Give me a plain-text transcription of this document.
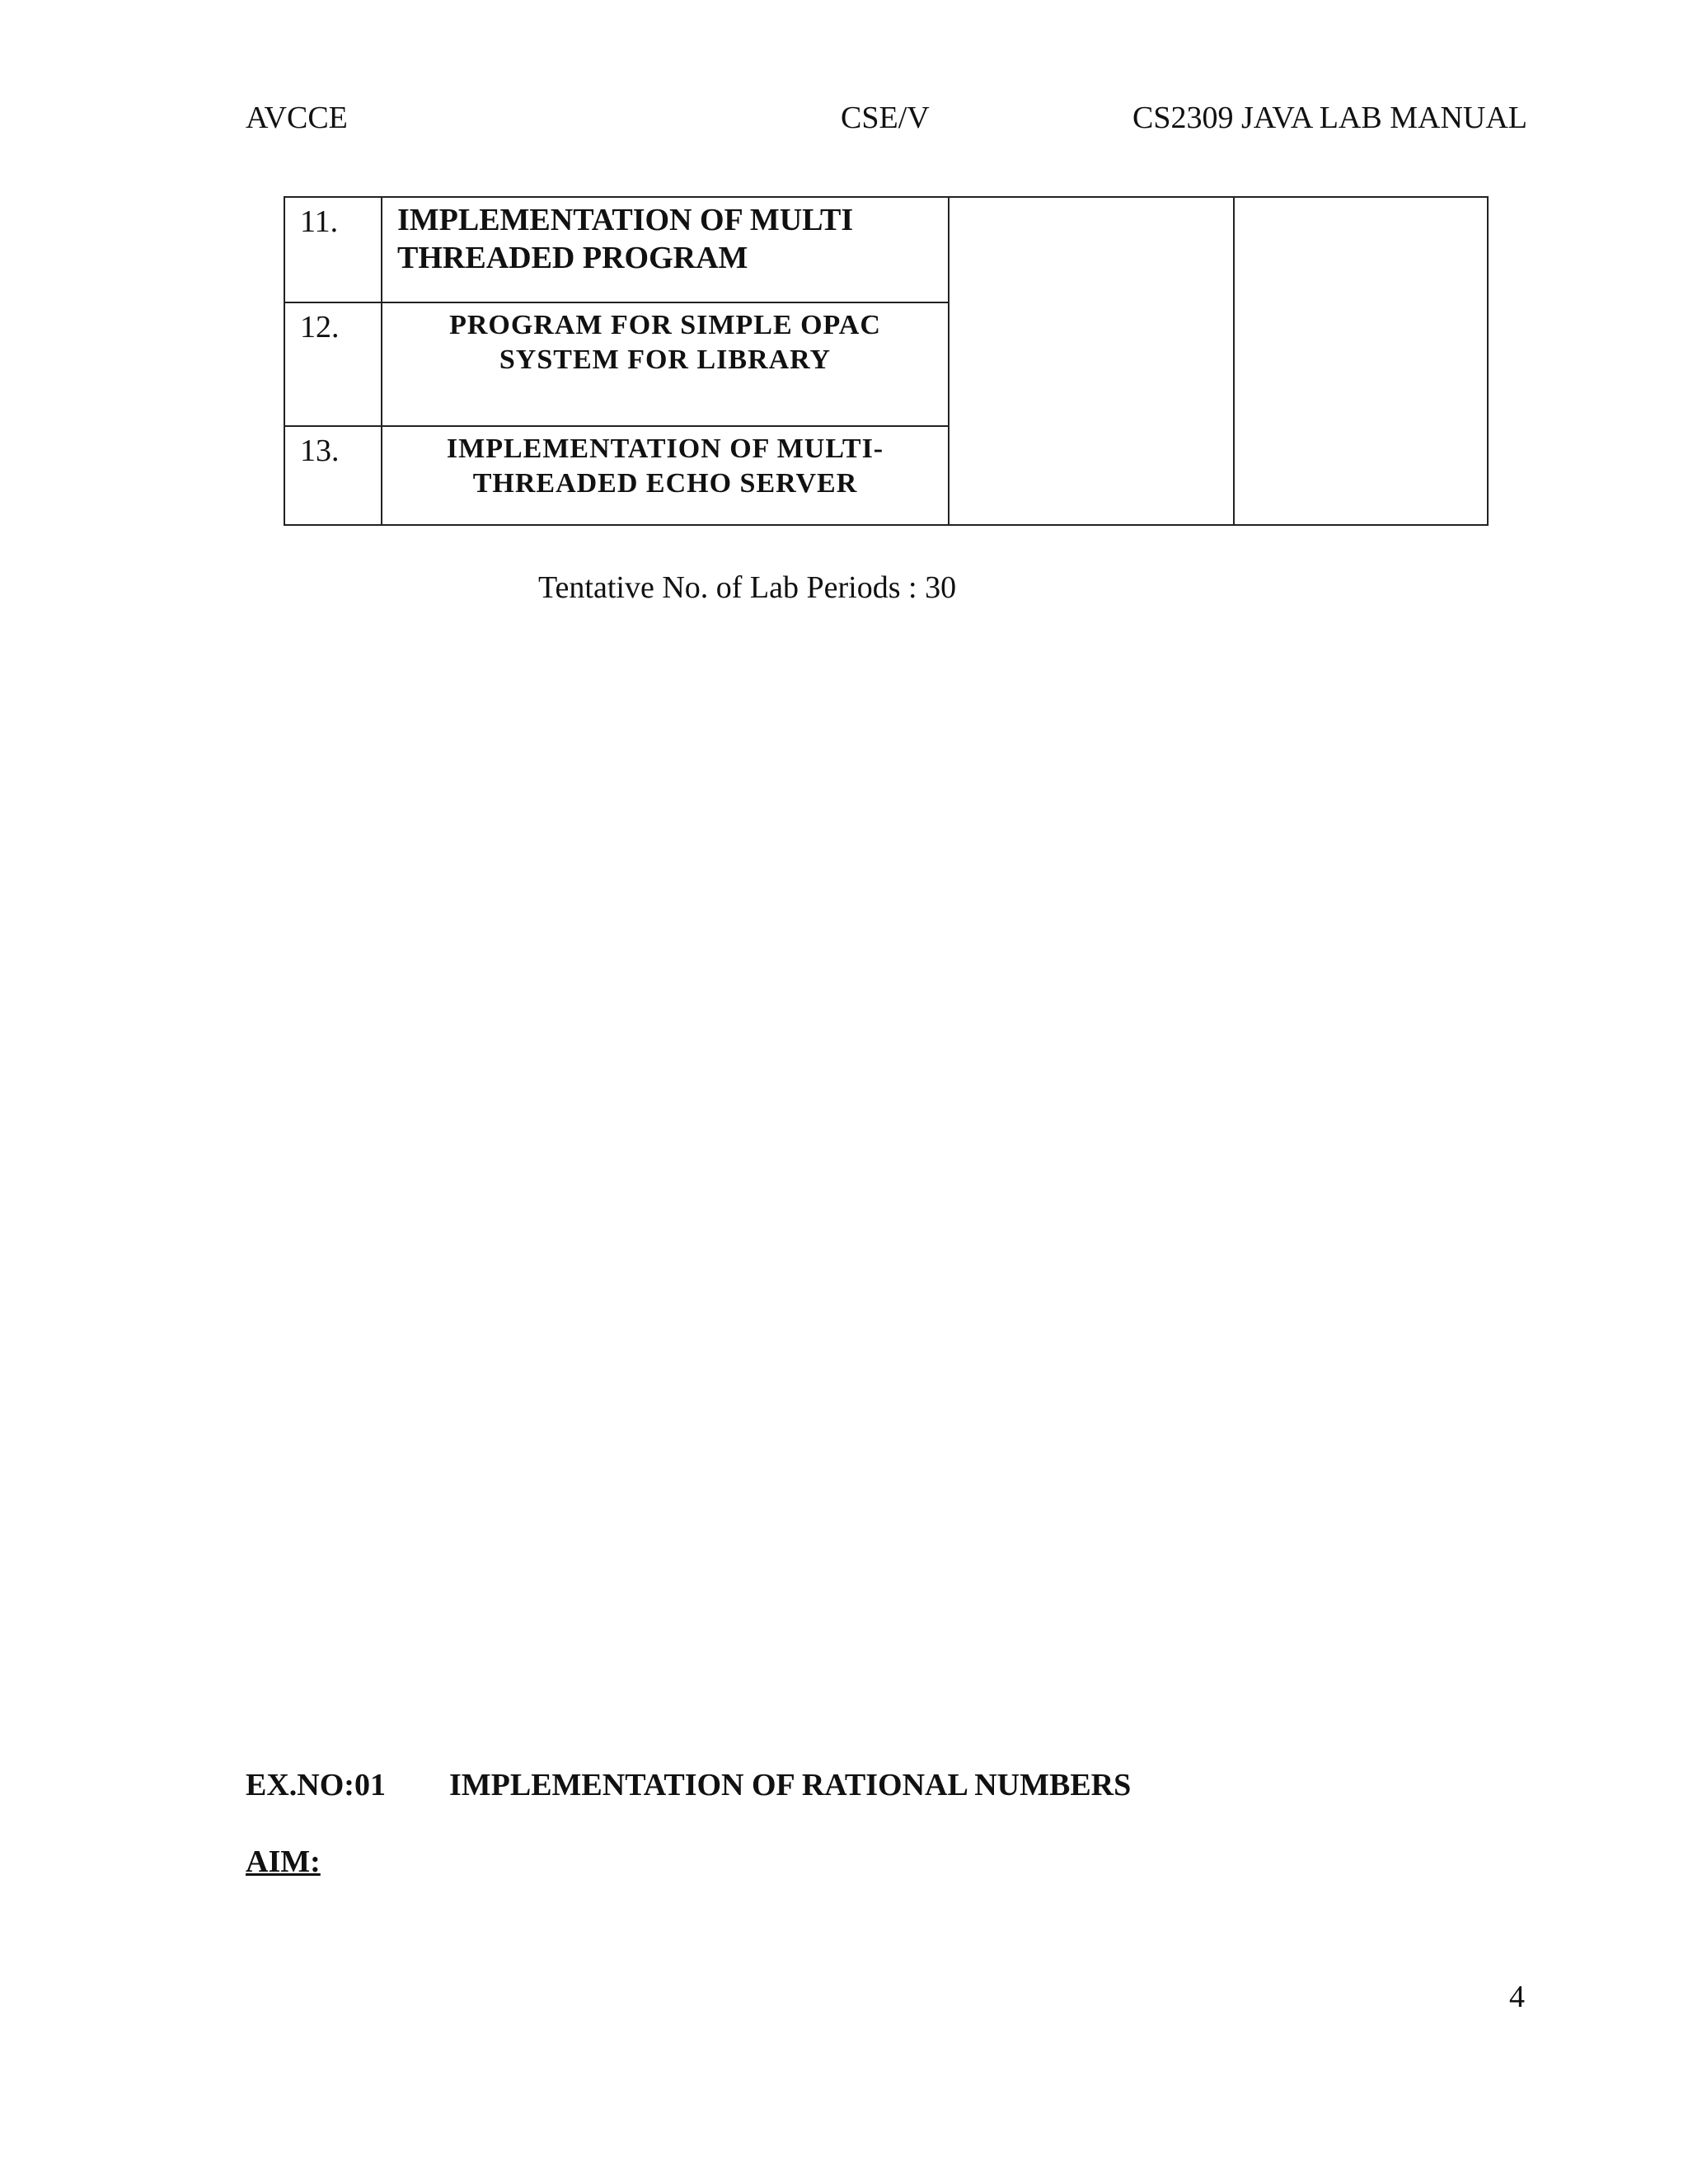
AVCCE	CSE/V	CS2309 JAVA LAB MANUAL
11.	IMPLEMENTATION OF MULTI
THREADED PROGRAM		

12.	PROGRAM FOR SIMPLE OPAC
SYSTEM FOR LIBRARY		

13.	IMPLEMENTATION OF MULTI-
THREADED ECHO SERVER		
Tentative No. of Lab Periods : 30
EX.NO:01 IMPLEMENTATION OF RATIONAL NUMBERS
AIM:
4
